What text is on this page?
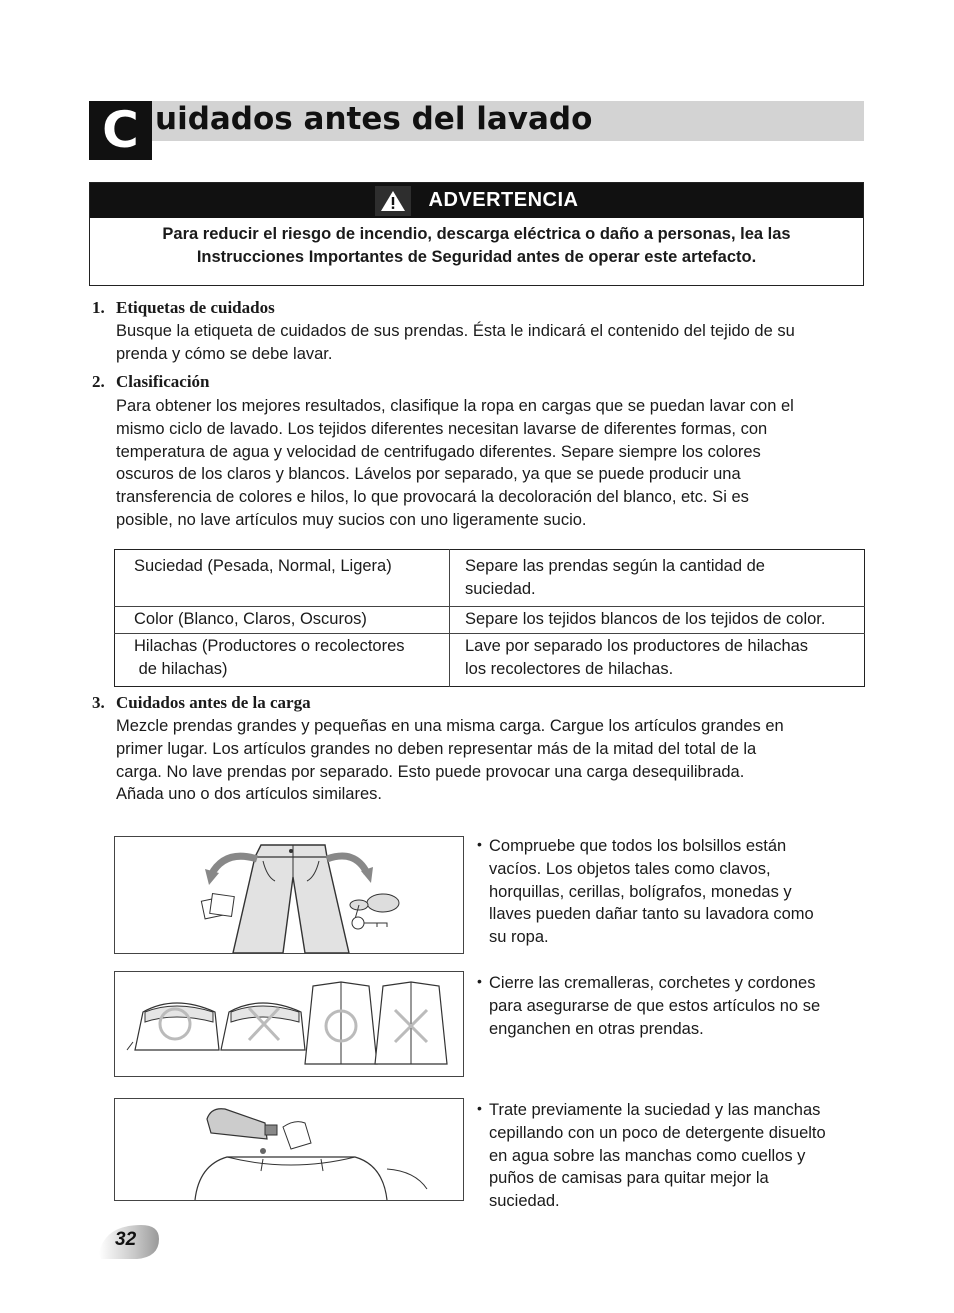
C uidados antes del lavado
ADVERTENCIA
Para reducir el riesgo de incendio, descarga eléctrica o daño a personas, lea las
Instrucciones Importantes de Seguridad antes de operar este artefacto.
1. Etiquetas de cuidados
Busque la etiqueta de cuidados de sus prendas. Ésta le indicará el contenido del tejido de su
prenda y cómo se debe lavar.
2. Clasificación
Para obtener los mejores resultados, clasifique la ropa en cargas que se puedan lavar con el
mismo ciclo de lavado. Los tejidos diferentes necesitan lavarse de diferentes formas, con
temperatura de agua y velocidad de centrifugado diferentes. Separe siempre los colores
oscuros de los claros y blancos. Lávelos por separado, ya que se puede producir una
transferencia de colores e hilos, lo que provocará la decoloración del blanco, etc. Si es
posible, no lave artículos muy sucios con uno ligeramente sucio.
Suciedad (Pesada, Normal, Ligera)	Separe las prendas según la cantidad de
suciedad.

Color (Blanco, Claros, Oscuros)	Separe los tejidos blancos de los tejidos de color.

Hilachas (Productores o recolectores
de hilachas)	Lave por separado los productores de hilachas
los recolectores de hilachas.
3. Cuidados antes de la carga
Mezcle prendas grandes y pequeñas en una misma carga. Cargue los artículos grandes en
primer lugar. Los artículos grandes no deben representar más de la mitad del total de la
carga. No lave prendas por separado. Esto puede provocar una carga desequilibrada.
Añada uno o dos artículos similares.
• Compruebe que todos los bolsillos están
vacíos. Los objetos tales como clavos,
horquillas, cerillas, bolígrafos, monedas y
llaves pueden dañar tanto su lavadora como
su ropa.
• Cierre las cremalleras, corchetes y cordones
para asegurarse de que estos artículos no se
enganchen en otras prendas.
• Trate previamente la suciedad y las manchas
cepillando con un poco de detergente disuelto
en agua sobre las manchas como cuellos y
puños de camisas para quitar mejor la
suciedad.
32
